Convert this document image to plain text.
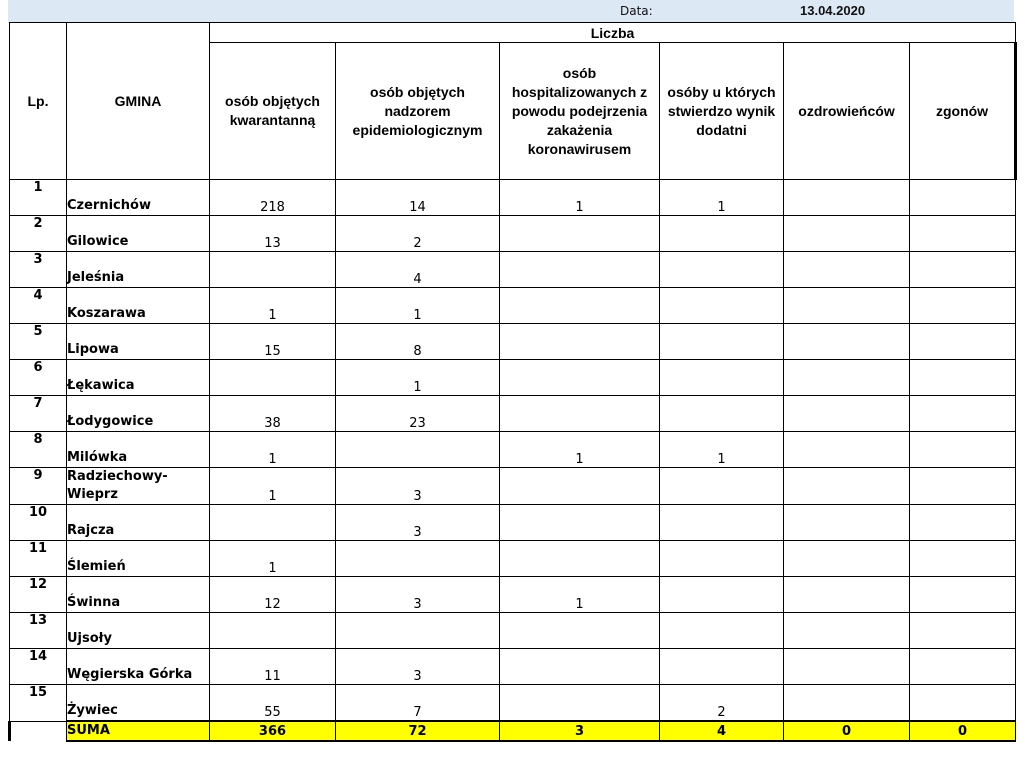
Data:	13.04.2020
Lp.	GMINA	Liczba					
		osób objętych kwarantanną	osób objętych nadzorem epidemiologicznym	osób hospitalizowanych z powodu podejrzenia zakażenia koronawirusem	osóby u których stwierdzo wynik dodatni	ozdrowieńców	zgonów
1	Czernichów	218	14	1	1		
2	Gilowice	13	2				
3	Jeleśnia		4				
4	Koszarawa	1	1				
5	Lipowa	15	8				
6	Łękawica		1				
7	Łodygowice	38	23				
8	Milówka	1		1	1		
9	Radziechowy-
Wieprz	1	3				
10	Rajcza		3				
11	Ślemień	1					
12	Świnna	12	3	1			
13	Ujsoły						
14	Węgierska Górka	11	3				
15	Żywiec	55	7		2		
	SUMA	366	72	3	4	0	0
